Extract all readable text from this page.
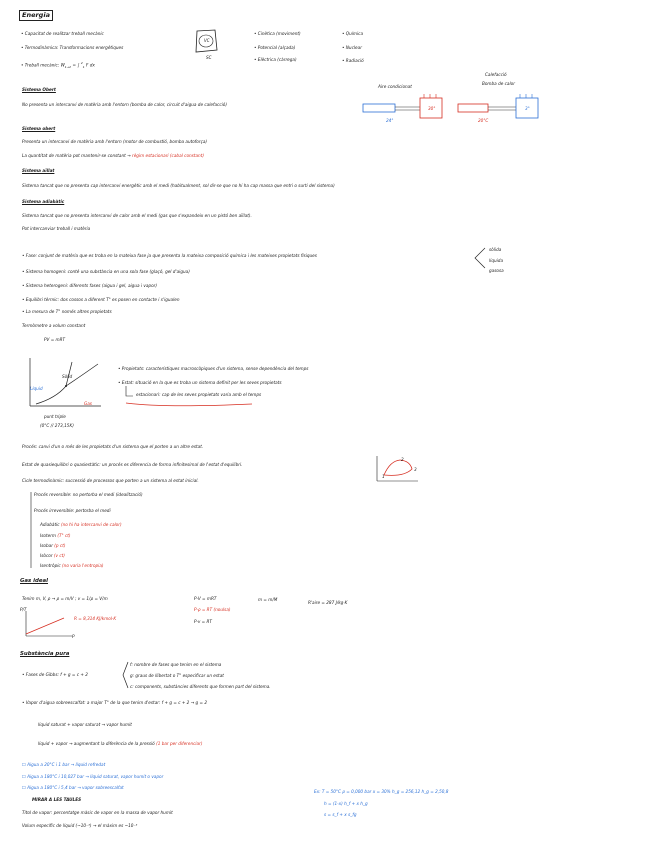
Energia
• Capacitat de realitzar treball mecànic
• Termodinàmica: Transformacions energètiques
• Treball mecànic: $W_{1\to 2}$ = ∫ $^2_1$ F dx
VC
SC
• Cinètica (moviment)
• Potencial (alçada)
• Elèctrica (càrrega)
• Química
• Nuclear
• Radiació
Sistema Obert
No presenta un intercanvi de matèria amb l'entorn (bomba de calor, circuit d'aigua de calefacció)
Sistema obert
Presenta un intercanvi de matèria amb l'entorn (motor de combustió, bomba autoforça)
La quantitat de matèria pot mantenir-se constant → règim estacionari (cabal constant)
Sistema aïllat
Sistema tancat que no presenta cap intercanvi energètic amb el medi (habitualment, sol dir-se que no hi ha cap massa que entri o surti del sistema)
Sistema adiabàtic
Sistema tancat que no presenta intercanvi de calor amb el medi (gas que s'expandeix en un pistó ben aïllat).
Pot intercanviar treball i matèria
Aire condicionat
Calefacció
Bomba de calor
30°	3°
24°	20°C
• Fase: conjunt de matèria que es troba en la mateixa fase ja que presenta la mateixa composició química i les mateixes propietats físiques
sòlida
líquida
gasosa
• Sistema homogeni: conté una substància en una sola fase (glaçó, gel d'aigua)
• Sistema heterogeni: diferents fases (aigua i gel, aigua i vapor)
• Equilibri tèrmic: dos cossos a diferent T° es posen en contacte i s'igualen
• La mesura de T° només altres propietats
Termòmetre a volum constant
PV = mRT
Sòlid
Líquid
Gas
punt triple
(0°C // 273,15K)
• Propietats: característiques macroscòpiques d'un sistema, sense dependència del temps
• Estat: situació en la que es troba un sistema definit per les seves propietats
estacionari: cap de les seves propietats varia amb el temps
Procés: canvi d'un o més de les propietats d'un sistema que el porten a un altre estat.
Estat de quasiequilibri o quasiestàtic: un procés es diferencia de forma infinitesimal de l'estat d'equilibri.
Cicle termodinàmic: successió de processos que porten a un sistema al estat inicial.
1
2
3
Procés reversible: no pertorba el medi (idealització)
Procés irreversible: pertorba el medi
Adiabàtic (no hi ha intercanvi de calor)
Isoterm (T° ct)
Isobar (p ct)
Isòcor (v ct)
Isentròpic (no varia l'entropia)
Gas ideal
Tenim m, V, ρ → ρ = m/V ; v = 1/ρ = V/m	P·V = mRT
P·ρ = RT (noulsa)
P·v = RT
m = m/M
R'aire = 287 J/kg·K
P/T
R = 8,314 KJ/kmol·K
P
Substància pura
• Fases de Gibbs: f + g = c + 2
f: nombre de fases que tenim en el sistema
g: graus de llibertat o T° especificar un estat
c: components, substàncies diferents que formen part del sistema.
• Vapor d'aigua sobreescalfat: a major T° de la que tenim d'estar: f + g = c + 2 → g = 2
líquid saturat + vapor saturat → vapor humit
líquid + vapor → augmentant la diferència de la pressió (1 bar per diferenciar)
☐ Aigua a 20°C i 1 bar → líquid refredat
☐ Aigua a 180°C i 10,027 bar → líquid saturat, vapor humit o vapor
☐ Aigua a 180°C i 5,4 bar → vapor sobreescalfat
MIRAR A LES TAULES
Títol de vapor: percentatge màsic de vapor en la massa de vapor humit
Volum específic de líquid (~10⁻³) → el màxim es ~10⁻³
Ex: T = 50°C ρ = 0,000 bar x = 30% h_g = 256,12 h_g = 2,50,8
h = (1-x) h_f + x h_g
s = s_f + x s_fg
